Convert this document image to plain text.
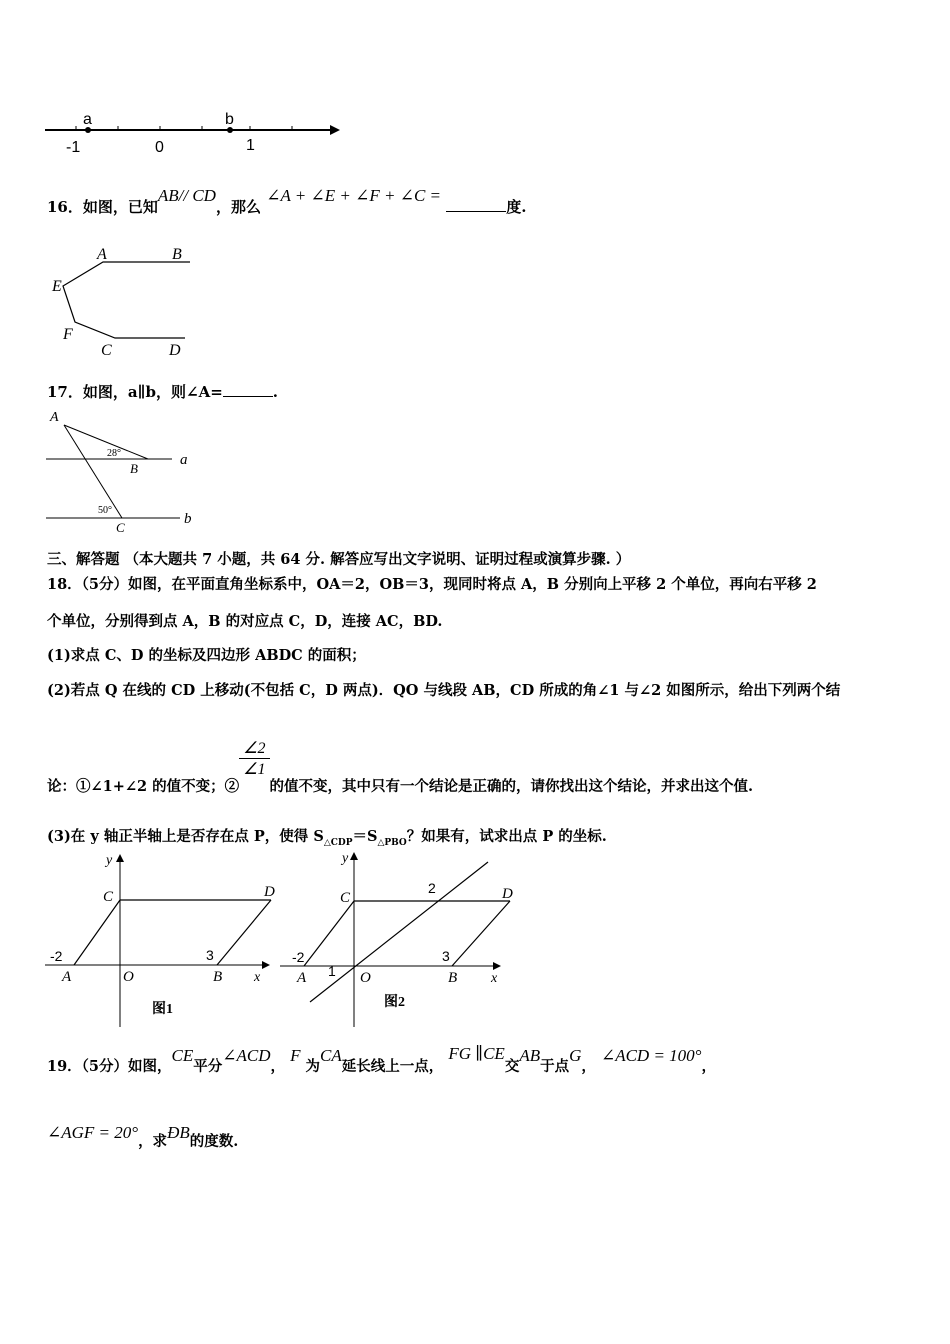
a	b
-1	0	1
16．如图，已知AB// CD，那么 ∠A + ∠E + ∠F + ∠C = 度.
A	B
E
F
C	D
17．如图，a∥b，则∠A=	.
A
B
C
a
b
28°
50°
三、解答题 （本大题共 7 小题，共 64 分. 解答应写出文字说明、证明过程或演算步骤. ）
18．（5分）如图，在平面直角坐标系中，OA＝2，OB＝3，现同时将点 A，B 分别向上平移 2 个单位，再向右平移 2
个单位，分别得到点 A，B 的对应点 C，D，连接 AC，BD.
(1)求点 C、D 的坐标及四边形 ABDC 的面积；
(2)若点 Q 在线的 CD 上移动(不包括 C，D 两点)．QO 与线段 AB，CD 所成的角∠1 与∠2 如图所示，给出下列两个结
论：①∠1+∠2 的值不变；②
$\frac{\angle 2}{\angle 1}$
的值不变，其中只有一个结论是正确的，请你找出这个结论，并求出这个值.
(3)在 y 轴正半轴上是否存在点 P，使得 $S_{\triangle CDP}=S_{\triangle PBO}$？如果有，试求出点 P 的坐标.
y
C	D
-2
A	O
3
B x
图1
y
C	D
-2
A	O
3
B x
1
2
图2
19．（5分）如图，CE平分∠ACD， F 为CA延长线上一点， FG ∥CE交AB于点G， ∠ACD = 100°，
∠AGF = 20°，求ÐB的度数.
